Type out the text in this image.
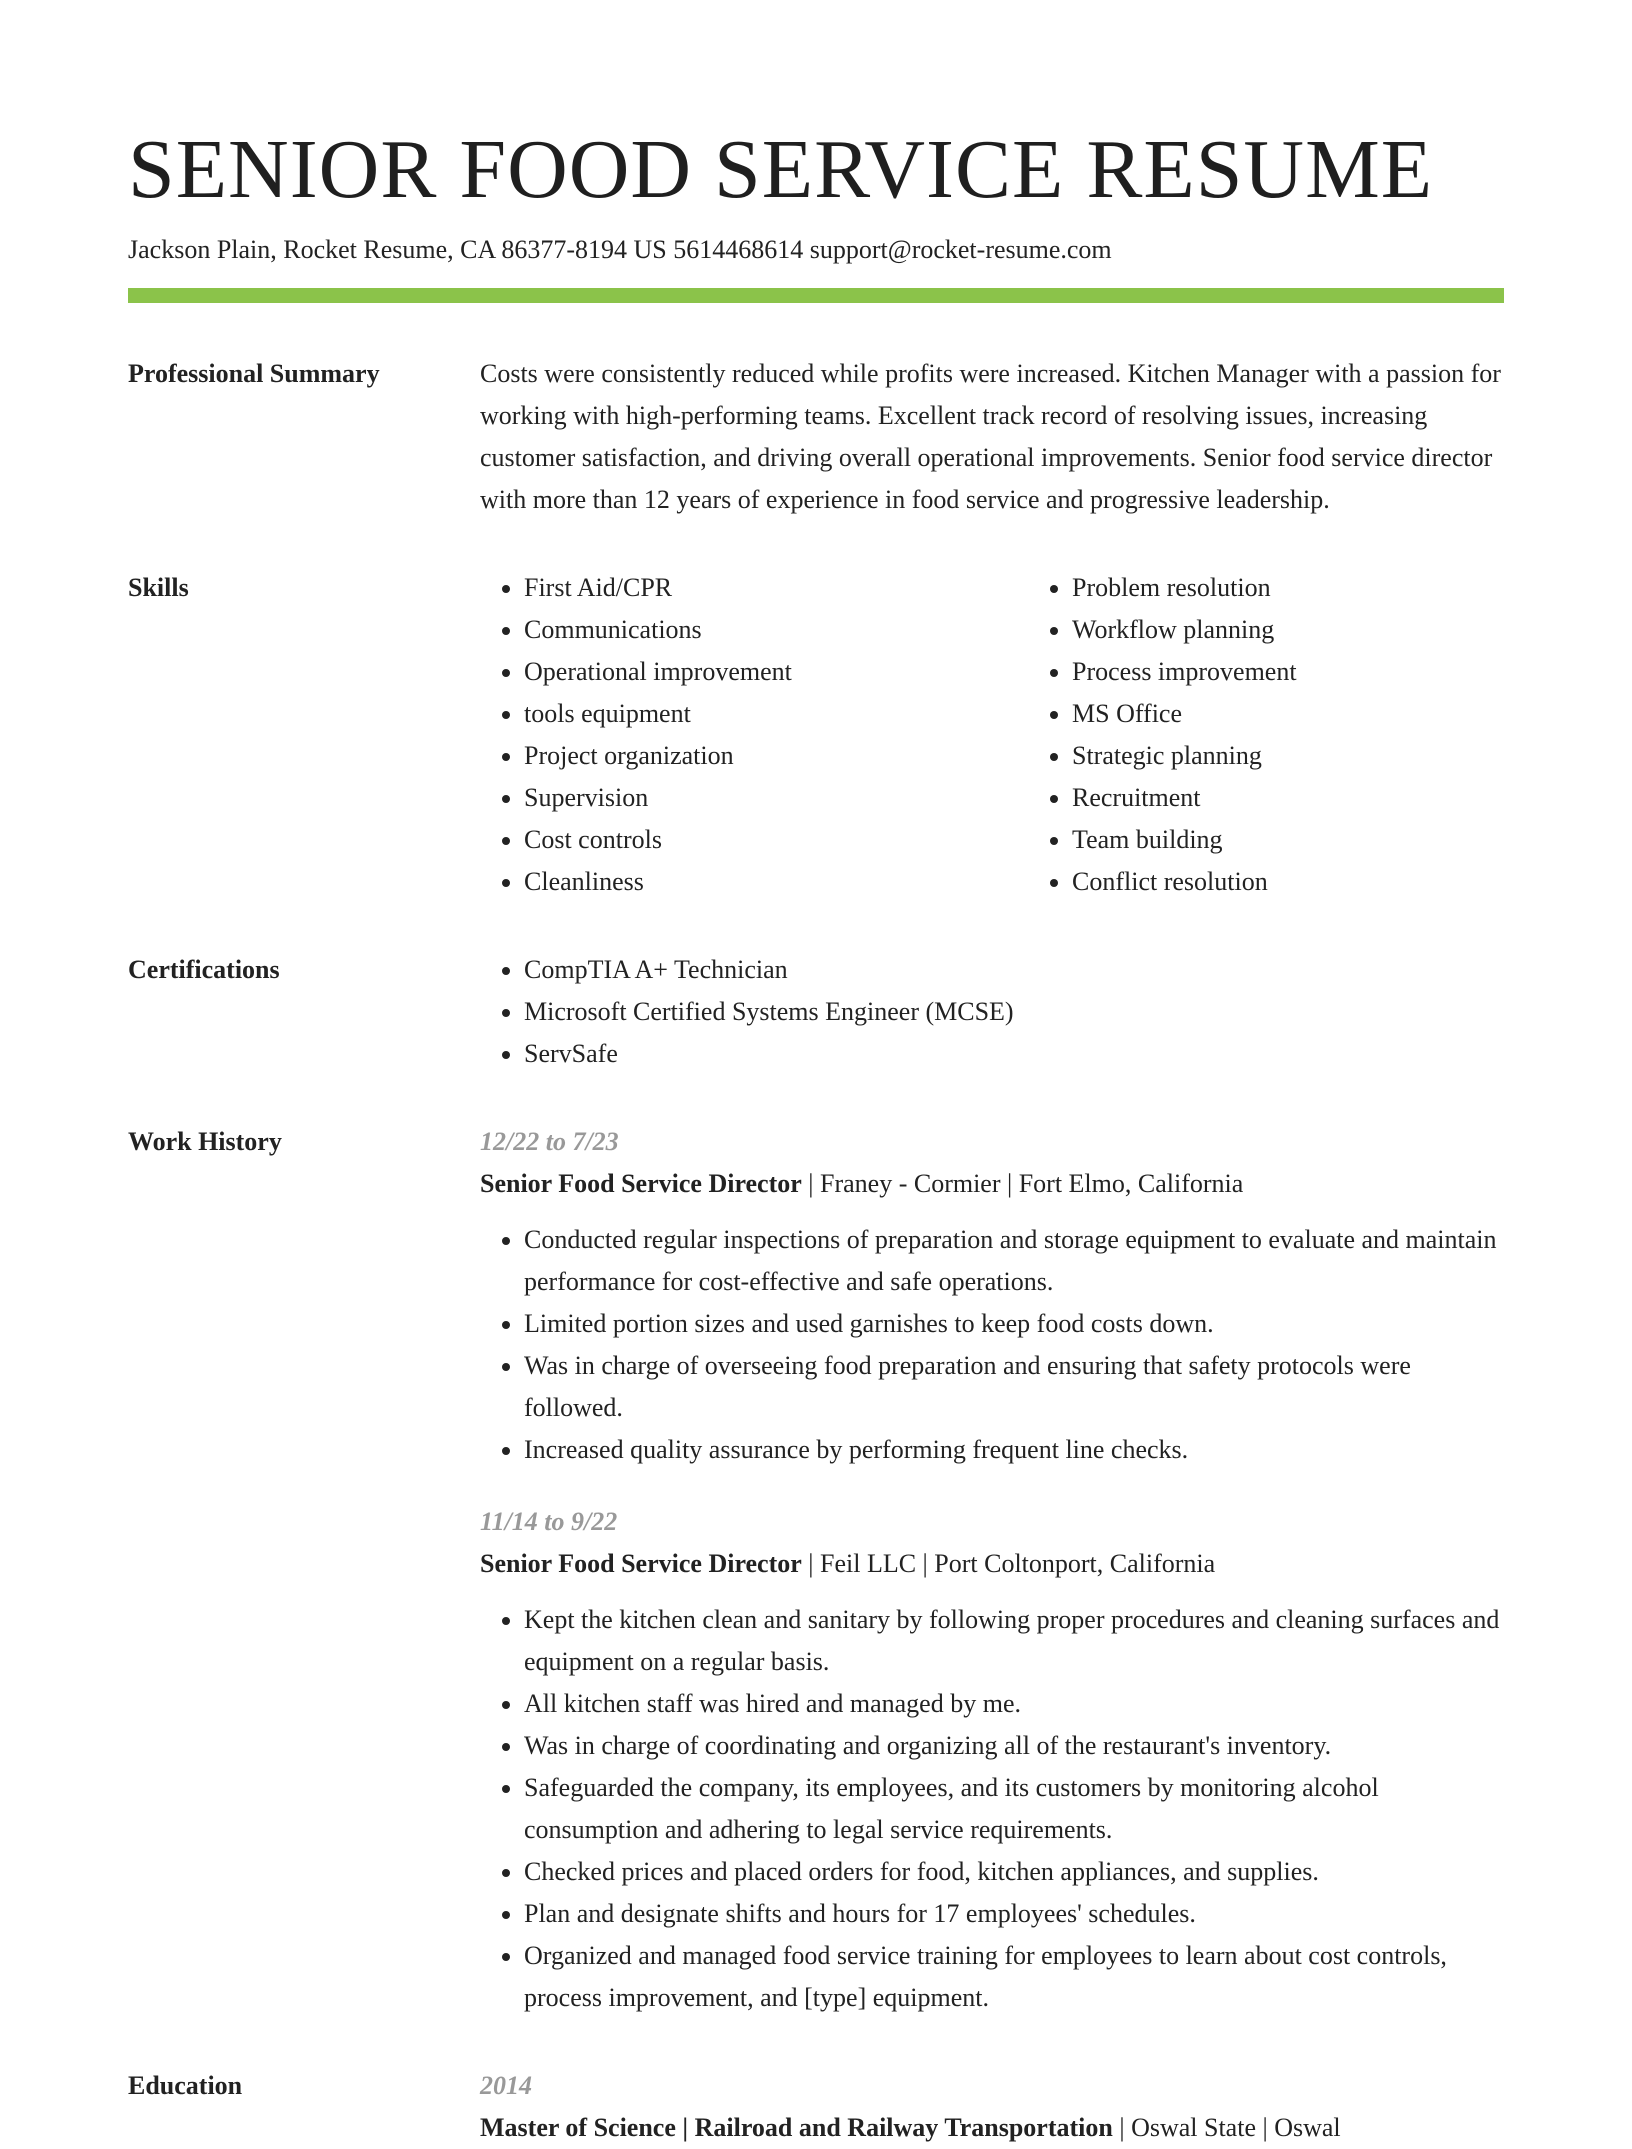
SENIOR FOOD SERVICE RESUME
Jackson Plain, Rocket Resume, CA 86377-8194 US 5614468614 support@rocket-resume.com
Professional Summary	Costs were consistently reduced while profits were increased. Kitchen Manager with a passion for working with high-performing teams. Excellent track record of resolving issues, increasing customer satisfaction, and driving overall operational improvements. Senior food service director with more than 12 years of experience in food service and progressive leadership.

Skills	• First Aid/CPR
• Communications
• Operational improvement
• tools equipment
• Project organization
• Supervision
• Cost controls
• Cleanliness
• Problem resolution
• Workflow planning
• Process improvement
• MS Office
• Strategic planning
• Recruitment
• Team building
• Conflict resolution
Certifications	• CompTIA A+ Technician
• Microsoft Certified Systems Engineer (MCSE)
• ServSafe
Work History	12/22 to 7/23
Senior Food Service Director | Franey - Cormier | Fort Elmo, California
• Conducted regular inspections of preparation and storage equipment to evaluate and maintain performance for cost-effective and safe operations.
• Limited portion sizes and used garnishes to keep food costs down.
• Was in charge of overseeing food preparation and ensuring that safety protocols were followed.
• Increased quality assurance by performing frequent line checks.
11/14 to 9/22
Senior Food Service Director | Feil LLC | Port Coltonport, California
• Kept the kitchen clean and sanitary by following proper procedures and cleaning surfaces and equipment on a regular basis.
• All kitchen staff was hired and managed by me.
• Was in charge of coordinating and organizing all of the restaurant's inventory.
• Safeguarded the company, its employees, and its customers by monitoring alcohol consumption and adhering to legal service requirements.
• Checked prices and placed orders for food, kitchen appliances, and supplies.
• Plan and designate shifts and hours for 17 employees' schedules.
• Organized and managed food service training for employees to learn about cost controls, process improvement, and [type] equipment.
Education	2014
Master of Science | Railroad and Railway Transportation | Oswal State | Oswal
